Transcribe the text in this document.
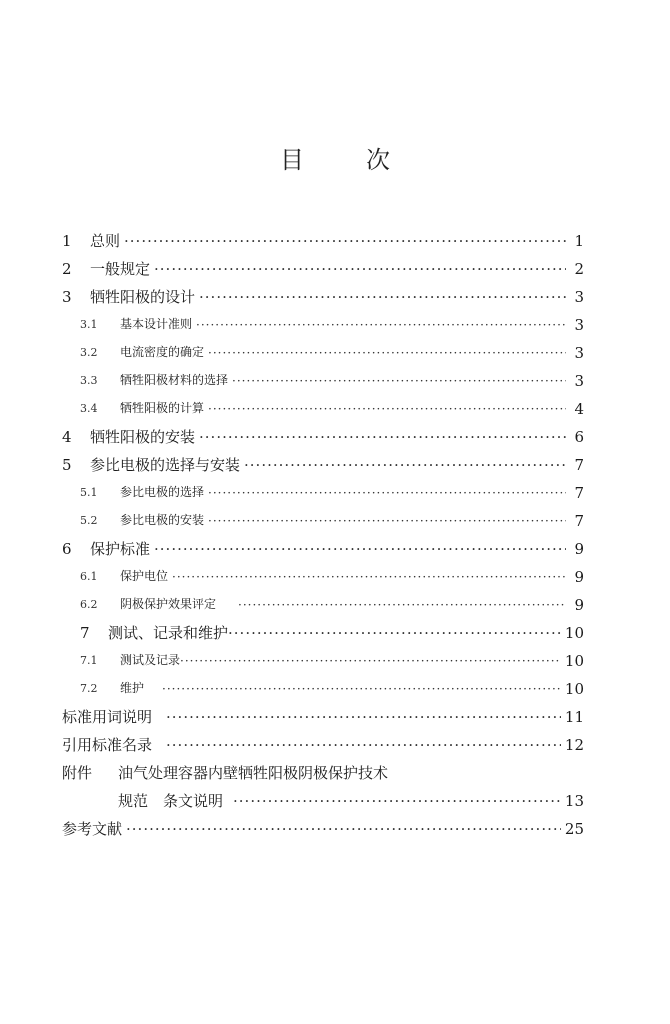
目	次
1 总则 ·····	1
2 一般规定 ·····	2
3 牺牲阳极的设计 ·····	3
3.1 基本设计准则 ·····	3
3.2 电流密度的确定 ·····	3
3.3 牺牲阳极材料的选择 ·····	3
3.4 牺牲阳极的计算 ·····	4
4 牺牲阳极的安装 ·····	6
5 参比电极的选择与安装 ·····	7
5.1 参比电极的选择 ·····	7
5.2 参比电极的安装 ·····	7
6 保护标准 ·····	9
6.1 保护电位 ·····	9
6.2 阴极保护效果评定 ·····	9
7 测试、记录和维护 ·····	10
7.1 测试及记录 ·····	10
7.2 维护 ·····	10
标准用词说明 ·····	11
引用标准名录 ·····	12
附件 油气处理容器内壁牺牲阳极阴极保护技术
规范　条文说明 ·····	13
参考文献 ·····	25
